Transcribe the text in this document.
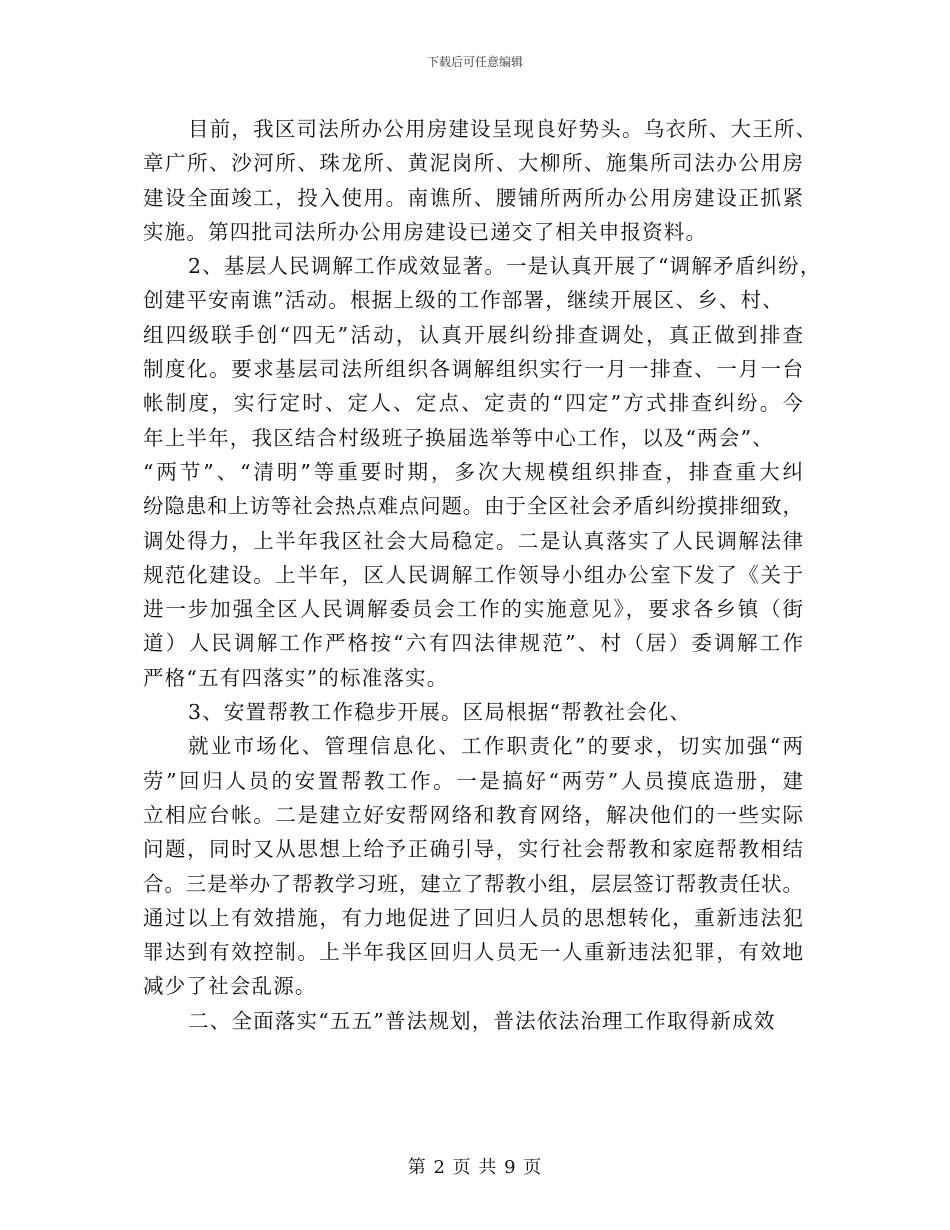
下载后可任意编辑
目前，我区司法所办公用房建设呈现良好势头。乌衣所、大王所、
章广所、沙河所、珠龙所、黄泥岗所、大柳所、施集所司法办公用房
建设全面竣工，投入使用。南谯所、腰铺所两所办公用房建设正抓紧
实施。第四批司法所办公用房建设已递交了相关申报资料。
2、基层人民调解工作成效显著。一是认真开展了“调解矛盾纠纷，
创建平安南谯”活动。根据上级的工作部署，继续开展区、乡、村、
组四级联手创“四无”活动，认真开展纠纷排查调处，真正做到排查
制度化。要求基层司法所组织各调解组织实行一月一排查、一月一台
帐制度，实行定时、定人、定点、定责的“四定”方式排查纠纷。今
年上半年，我区结合村级班子换届选举等中心工作，以及“两会”、
“两节”、“清明”等重要时期，多次大规模组织排查，排查重大纠
纷隐患和上访等社会热点难点问题。由于全区社会矛盾纠纷摸排细致，
调处得力，上半年我区社会大局稳定。二是认真落实了人民调解法律
规范化建设。上半年，区人民调解工作领导小组办公室下发了《关于
进一步加强全区人民调解委员会工作的实施意见》，要求各乡镇（街
道）人民调解工作严格按“六有四法律规范”、村（居）委调解工作
严格“五有四落实”的标准落实。
3、安置帮教工作稳步开展。区局根据“帮教社会化、
就业市场化、管理信息化、工作职责化”的要求，切实加强“两
劳”回归人员的安置帮教工作。一是搞好“两劳”人员摸底造册，建
立相应台帐。二是建立好安帮网络和教育网络，解决他们的一些实际
问题，同时又从思想上给予正确引导，实行社会帮教和家庭帮教相结
合。三是举办了帮教学习班，建立了帮教小组，层层签订帮教责任状。
通过以上有效措施，有力地促进了回归人员的思想转化，重新违法犯
罪达到有效控制。上半年我区回归人员无一人重新违法犯罪，有效地
减少了社会乱源。
二、全面落实“五五”普法规划，普法依法治理工作取得新成效
第 2 页 共 9 页
